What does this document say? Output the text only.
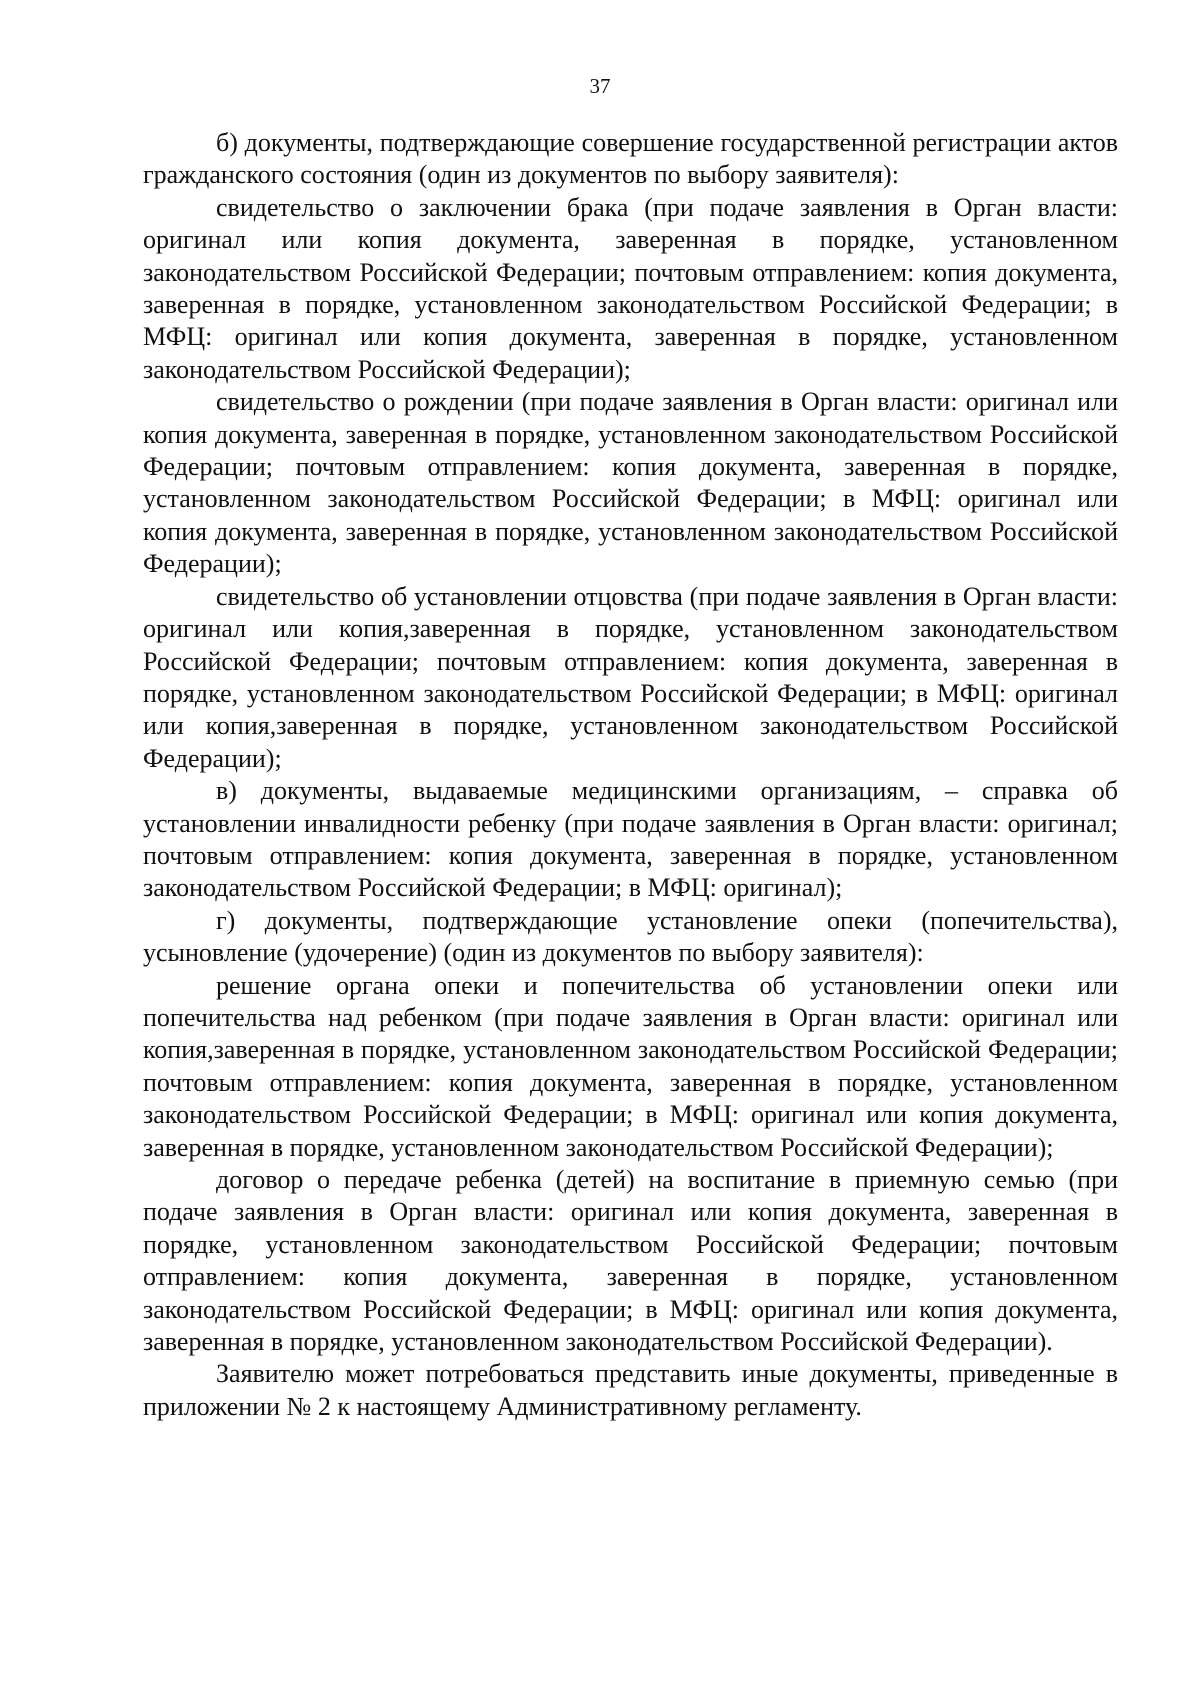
37

б) документы, подтверждающие совершение государственной регистрации актов гражданского состояния (один из документов по выбору заявителя):

свидетельство о заключении брака (при подаче заявления в Орган власти: оригинал или копия документа, заверенная в порядке, установленном законодательством Российской Федерации; почтовым отправлением: копия документа, заверенная в порядке, установленном законодательством Российской Федерации; в МФЦ: оригинал или копия документа, заверенная в порядке, установленном законодательством Российской Федерации);

свидетельство о рождении (при подаче заявления в Орган власти: оригинал или копия документа, заверенная в порядке, установленном законодательством Российской Федерации; почтовым отправлением: копия документа, заверенная в порядке, установленном законодательством Российской Федерации; в МФЦ: оригинал или копия документа, заверенная в порядке, установленном законодательством Российской Федерации);

свидетельство об установлении отцовства (при подаче заявления в Орган власти: оригинал или копия,заверенная в порядке, установленном законодательством Российской Федерации; почтовым отправлением: копия документа, заверенная в порядке, установленном законодательством Российской Федерации; в МФЦ: оригинал или копия,заверенная в порядке, установленном законодательством Российской Федерации);

в) документы, выдаваемые медицинскими организациям, – справка об установлении инвалидности ребенку (при подаче заявления в Орган власти: оригинал; почтовым отправлением: копия документа, заверенная в порядке, установленном законодательством Российской Федерации; в МФЦ: оригинал);

г) документы, подтверждающие установление опеки (попечительства), усыновление (удочерение) (один из документов по выбору заявителя):

решение органа опеки и попечительства об установлении опеки или попечительства над ребенком (при подаче заявления в Орган власти: оригинал или копия,заверенная в порядке, установленном законодательством Российской Федерации; почтовым отправлением: копия документа, заверенная в порядке, установленном законодательством Российской Федерации; в МФЦ: оригинал или копия документа, заверенная в порядке, установленном законодательством Российской Федерации);

договор о передаче ребенка (детей) на воспитание в приемную семью (при подаче заявления в Орган власти: оригинал или копия документа, заверенная в порядке, установленном законодательством Российской Федерации; почтовым отправлением: копия документа, заверенная в порядке, установленном законодательством Российской Федерации; в МФЦ: оригинал или копия документа, заверенная в порядке, установленном законодательством Российской Федерации).

Заявителю может потребоваться представить иные документы, приведенные в приложении № 2 к настоящему Административному регламенту.
